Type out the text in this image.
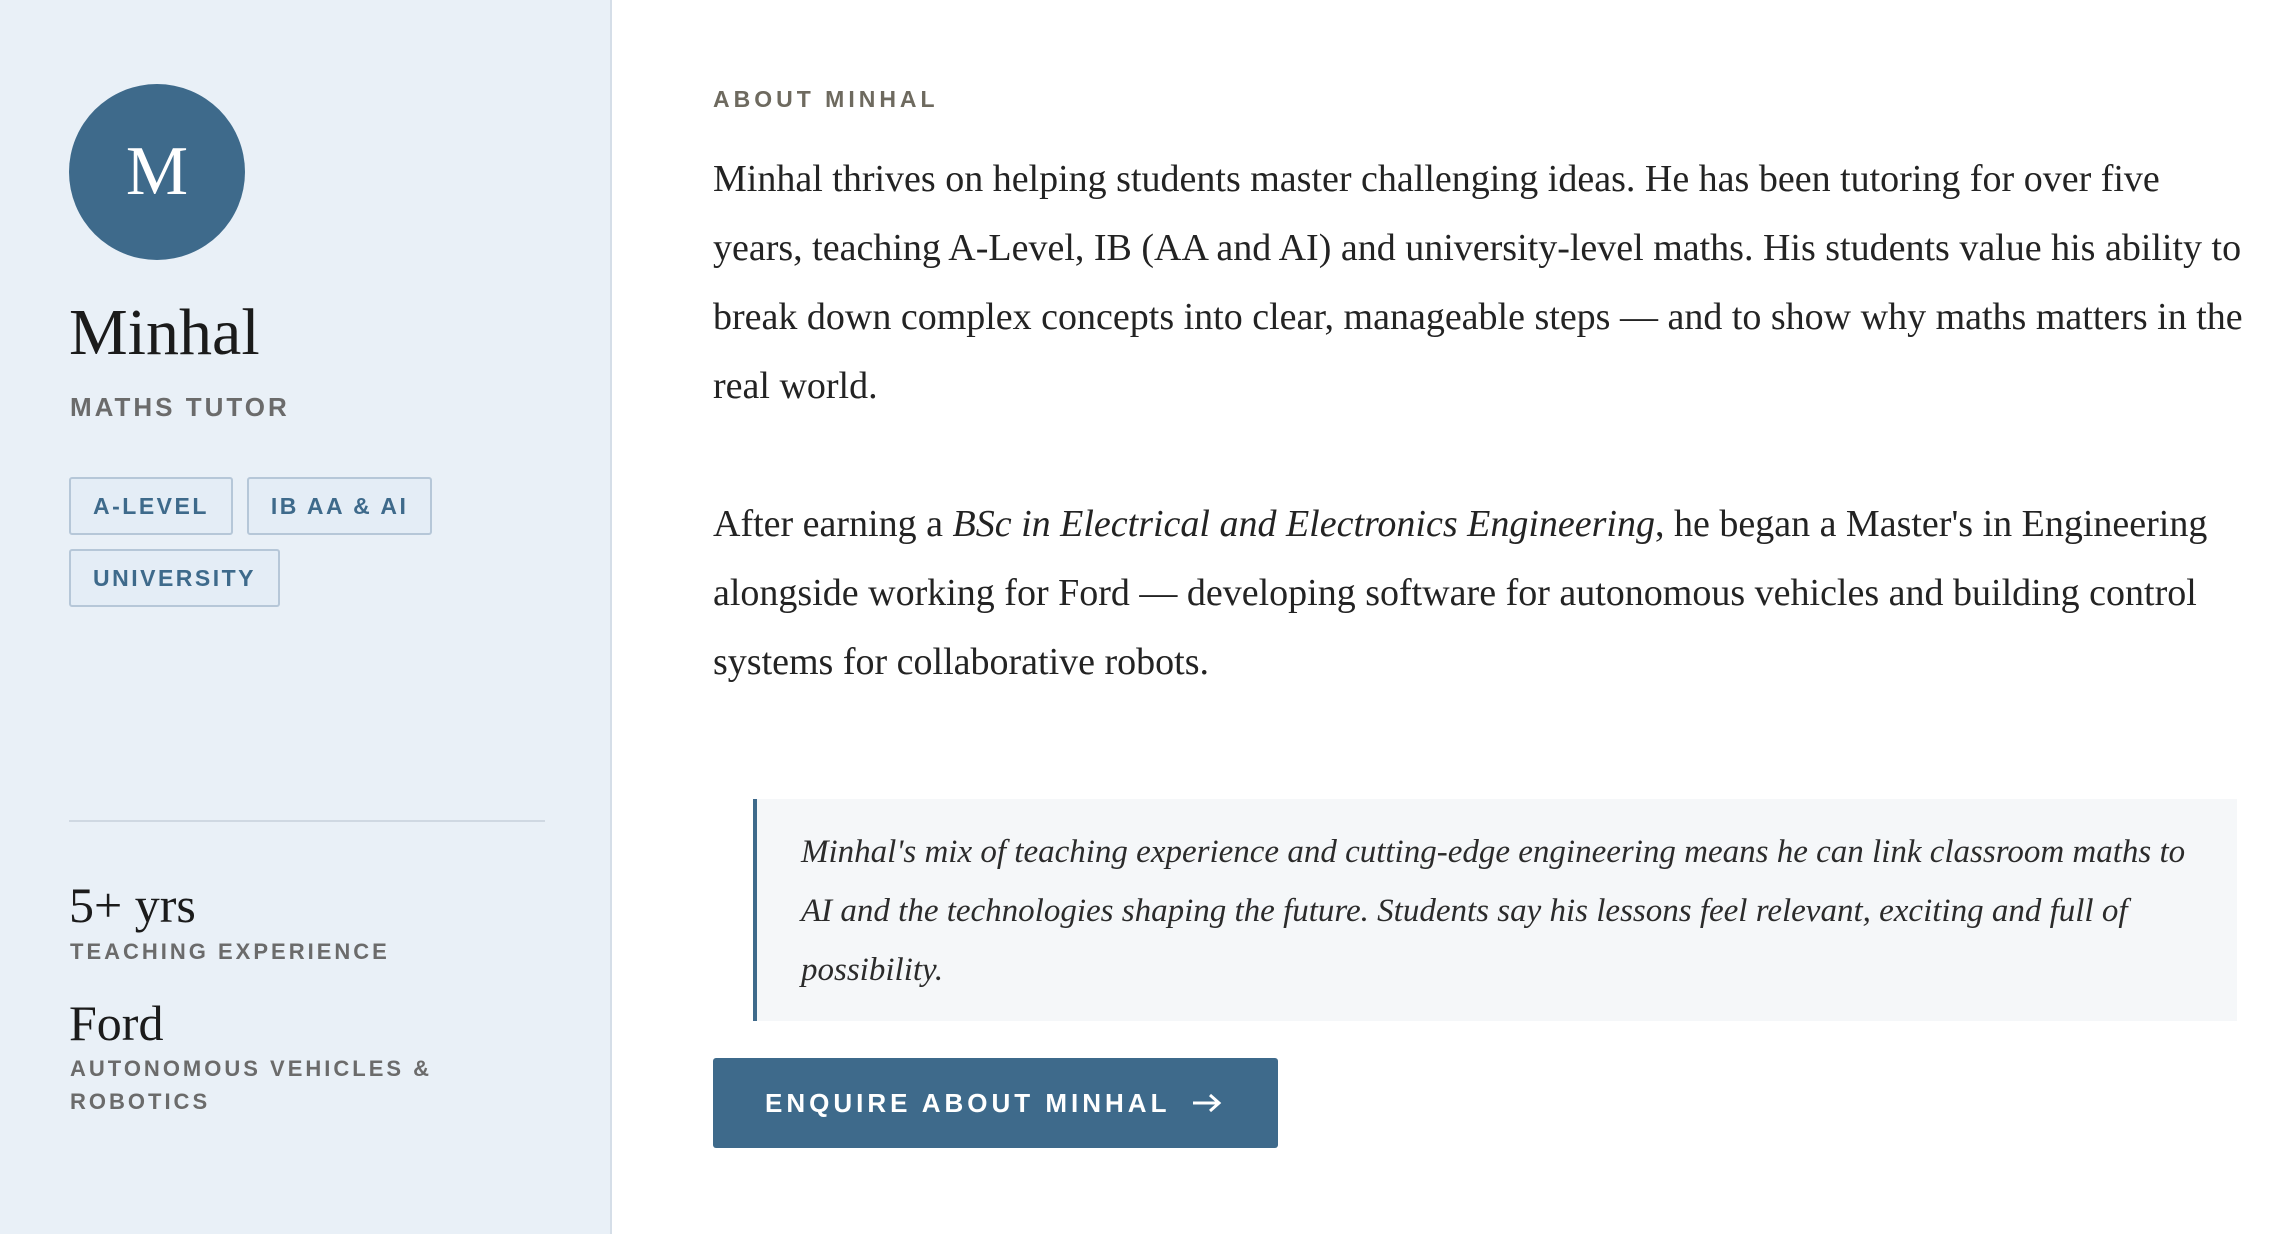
M
Minhal
MATHS TUTOR
A-LEVEL	IB AA & AI
UNIVERSITY
5+ yrs
TEACHING EXPERIENCE
Ford
AUTONOMOUS VEHICLES & ROBOTICS
ABOUT MINHAL

Minhal thrives on helping students master challenging ideas. He has been tutoring for over five years, teaching A-Level, IB (AA and AI) and university-level maths. His students value his ability to break down complex concepts into clear, manageable steps — and to show why maths matters in the real world.

After earning a BSc in Electrical and Electronics Engineering, he began a Master's in Engineering alongside working for Ford — developing software for autonomous vehicles and building control systems for collaborative robots.

Minhal's mix of teaching experience and cutting-edge engineering means he can link classroom maths to AI and the technologies shaping the future. Students say his lessons feel relevant, exciting and full of possibility.
ENQUIRE ABOUT MINHAL
